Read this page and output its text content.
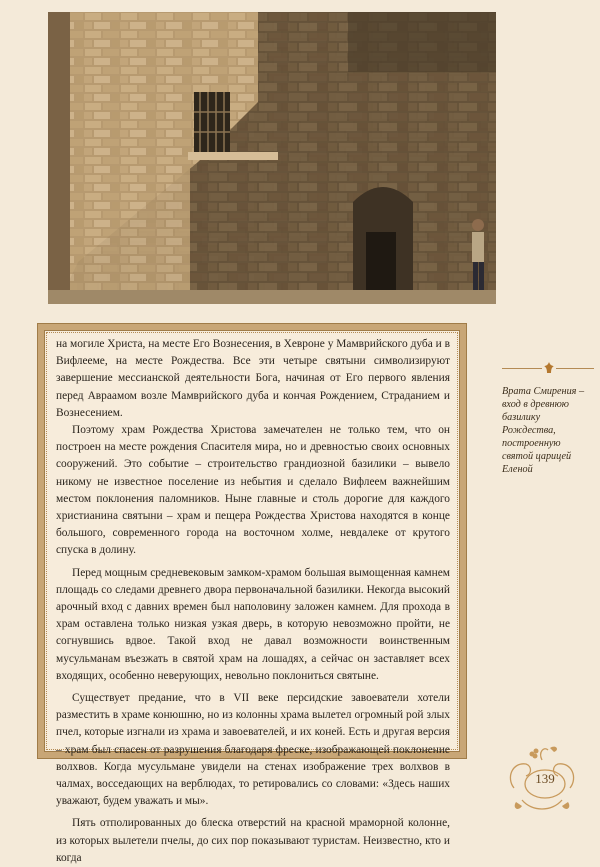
на могиле Христа, на месте Его Вознесения, в Хевроне у Мамврийского дуба и в Вифлееме, на месте Рождества. Все эти четыре святыни символизируют завершение мессианской деятельности Бога, начиная от Его первого явления перед Авраамом возле Мамврийского дуба и кончая Рождением, Страданием и Вознесением.

Поэтому храм Рождества Христова замечателен не только тем, что он построен на месте рождения Спасителя мира, но и древностью своих основных сооружений. Это событие – строительство грандиозной базилики – вывело никому не известное поселение из небытия и сделало Вифлеем важнейшим местом поклонения паломников. Ныне главные и столь дорогие для каждого христианина святыни – храм и пещера Рождества Христова находятся в конце большого, современного города на восточном холме, невдалеке от крутого спуска в долину.

Перед мощным средневековым замком-храмом большая вымощенная камнем площадь со следами древнего двора первоначальной базилики. Некогда высокий арочный вход с давних времен был наполовину заложен камнем. Для прохода в храм оставлена только низкая узкая дверь, в которую невозможно пройти, не согнувшись вдвое. Такой вход не давал возможности воинственным мусульманам въезжать в святой храм на лошадях, а сейчас он заставляет всех входящих, особенно неверующих, невольно поклониться святыне.

Существует предание, что в VII веке персидские завоеватели хотели разместить в храме конюшню, но из колонны храма вылетел огромный рой злых пчел, которые изгнали из храма и завоевателей, и их коней. Есть и другая версия – храм был спасен от разрушения благодаря фреске, изображающей поклонение волхвов. Когда мусульмане увидели на стенах изображение трех волхвов в чалмах, восседающих на верблюдах, то ретировались со словами: «Здесь наших уважают, будем уважать и мы».

Пять отполированных до блеска отверстий на красной мраморной колонне, из которых вылетели пчелы, до сих пор показывают туристам. Неизвестно, кто и когда

Врата Смирения – вход в древнюю базилику Рождества, построенную святой царицей Еленой

139
